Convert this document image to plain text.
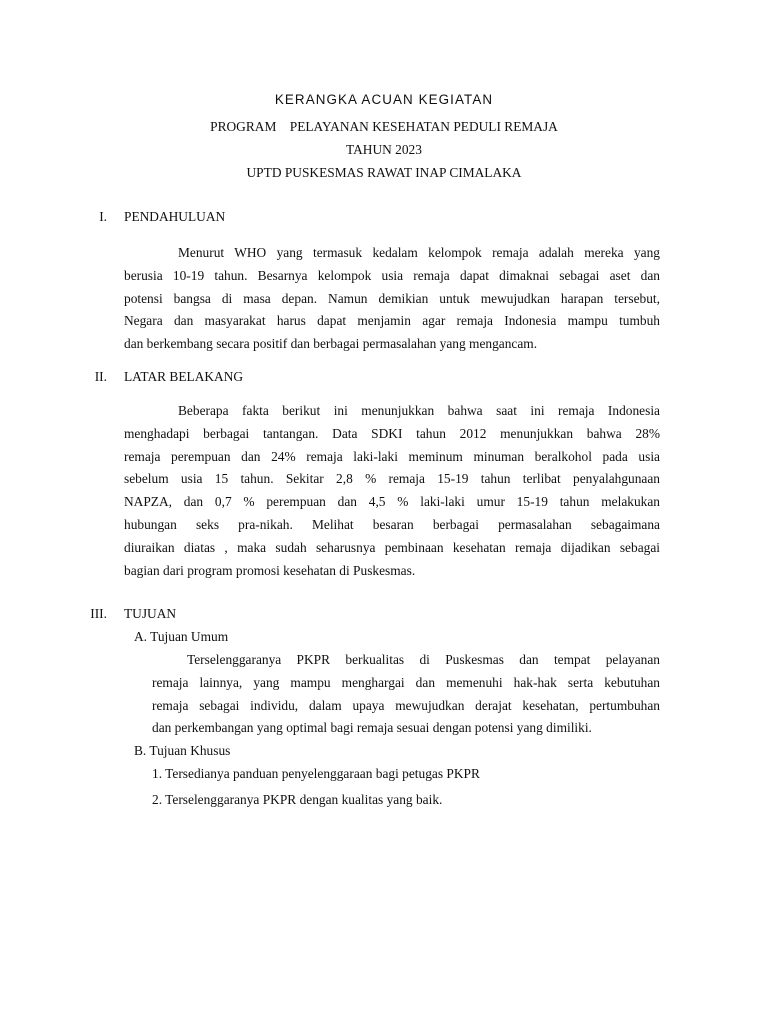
KERANGKA ACUAN KEGIATAN
PROGRAM    PELAYANAN KESEHATAN PEDULI REMAJA
TAHUN 2023
UPTD PUSKESMAS RAWAT INAP CIMALAKA
I. PENDAHULUAN
Menurut WHO yang termasuk kedalam kelompok remaja adalah mereka yang
berusia 10-19 tahun. Besarnya kelompok usia remaja dapat dimaknai sebagai aset dan
potensi bangsa di masa depan. Namun demikian untuk mewujudkan harapan tersebut,
Negara dan masyarakat harus dapat menjamin agar remaja Indonesia mampu tumbuh
dan berkembang secara positif dan berbagai permasalahan yang mengancam.
II. LATAR BELAKANG
Beberapa fakta berikut ini menunjukkan bahwa saat ini remaja Indonesia
menghadapi berbagai tantangan. Data SDKI tahun 2012 menunjukkan bahwa 28%
remaja perempuan dan 24% remaja laki-laki meminum minuman beralkohol pada usia
sebelum usia 15 tahun. Sekitar 2,8 % remaja 15-19 tahun terlibat penyalahgunaan
NAPZA, dan 0,7 % perempuan dan 4,5 % laki-laki umur 15-19 tahun melakukan
hubungan seks pra-nikah. Melihat besaran berbagai permasalahan sebagaimana
diuraikan diatas , maka sudah seharusnya pembinaan kesehatan remaja dijadikan sebagai
bagian dari program promosi kesehatan di Puskesmas.
III. TUJUAN
A. Tujuan Umum
Terselenggaranya PKPR berkualitas di Puskesmas dan tempat pelayanan
remaja lainnya, yang mampu menghargai dan memenuhi hak-hak serta kebutuhan
remaja sebagai individu, dalam upaya mewujudkan derajat kesehatan, pertumbuhan
dan perkembangan yang optimal bagi remaja sesuai dengan potensi yang dimiliki.
B. Tujuan Khusus
1. Tersedianya panduan penyelenggaraan bagi petugas PKPR
2. Terselenggaranya PKPR dengan kualitas yang baik.
